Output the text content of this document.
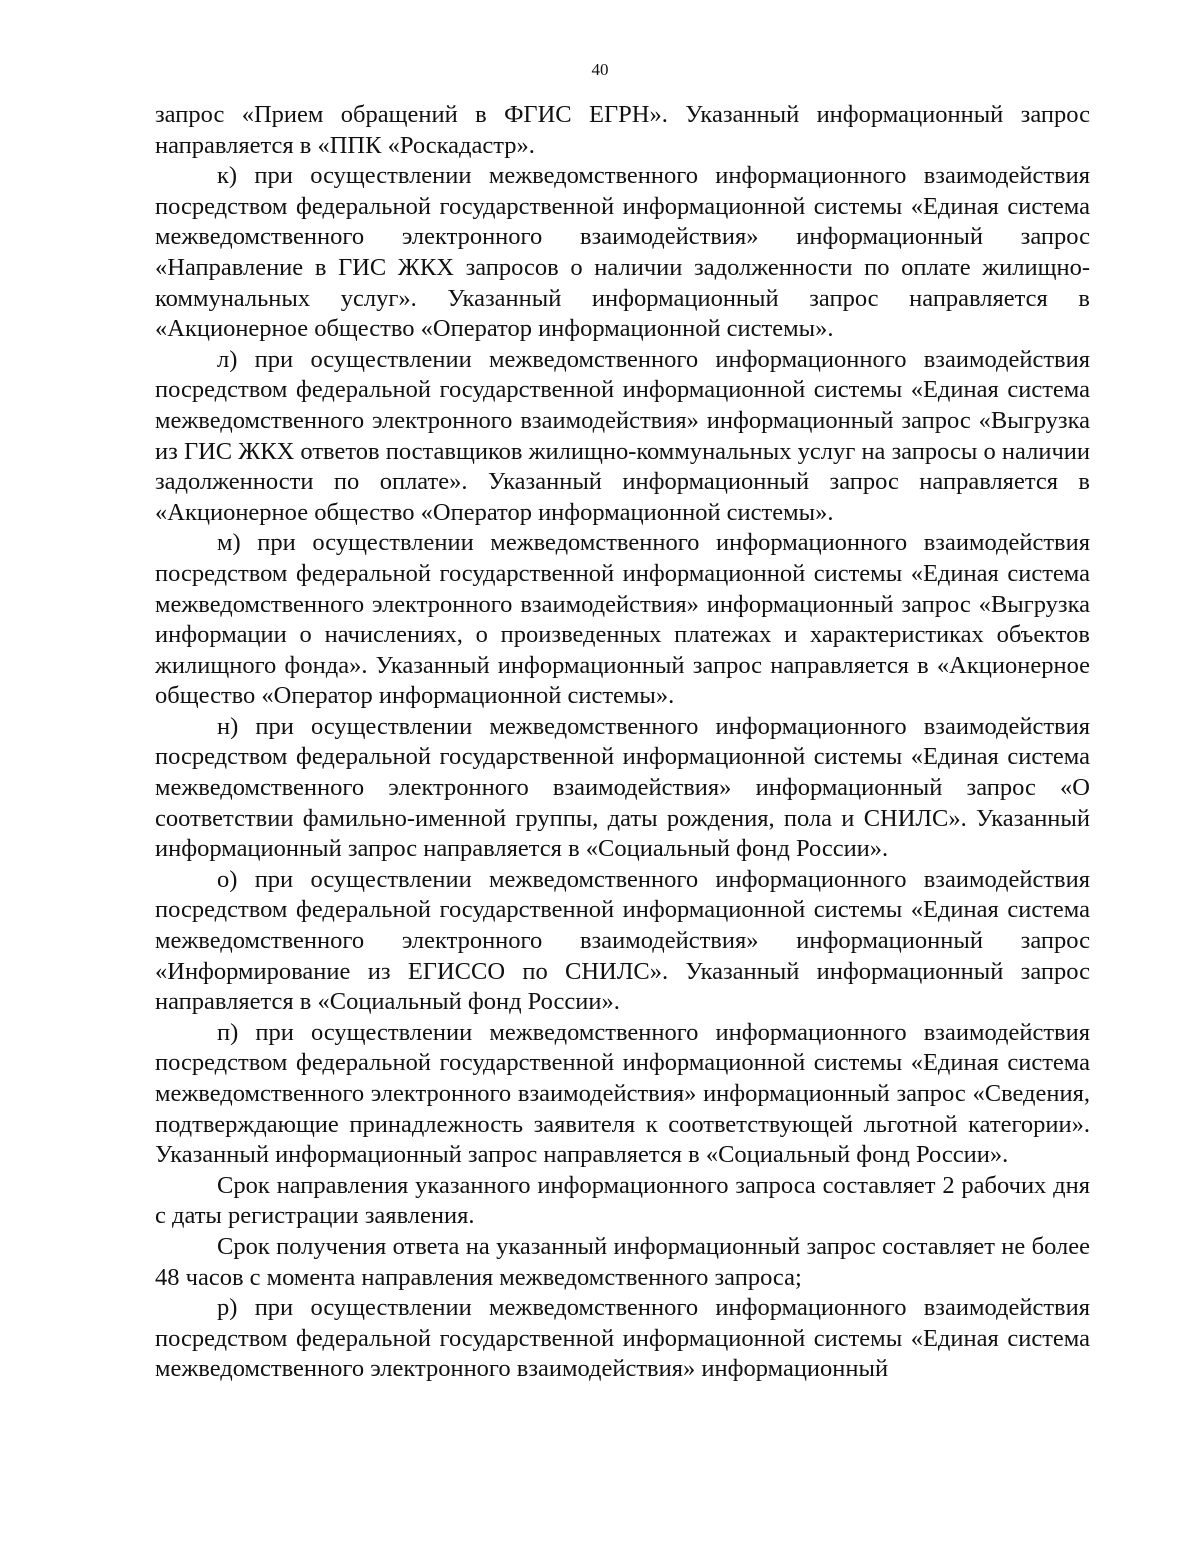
40

запрос «Прием обращений в ФГИС ЕГРН». Указанный информационный запрос направляется в «ППК «Роскадастр».

к) при осуществлении межведомственного информационного взаимодействия посредством федеральной государственной информационной системы «Единая система межведомственного электронного взаимодействия» информационный запрос «Направление в ГИС ЖКХ запросов о наличии задолженности по оплате жилищно-коммунальных услуг». Указанный информационный запрос направляется в «Акционерное общество «Оператор информационной системы».

л) при осуществлении межведомственного информационного взаимодействия посредством федеральной государственной информационной системы «Единая система межведомственного электронного взаимодействия» информационный запрос «Выгрузка из ГИС ЖКХ ответов поставщиков жилищно-коммунальных услуг на запросы о наличии задолженности по оплате». Указанный информационный запрос направляется в «Акционерное общество «Оператор информационной системы».

м) при осуществлении межведомственного информационного взаимодействия посредством федеральной государственной информационной системы «Единая система межведомственного электронного взаимодействия» информационный запрос «Выгрузка информации о начислениях, о произведенных платежах и характеристиках объектов жилищного фонда». Указанный информационный запрос направляется в «Акционерное общество «Оператор информационной системы».

н) при осуществлении межведомственного информационного взаимодействия посредством федеральной государственной информационной системы «Единая система межведомственного электронного взаимодействия» информационный запрос «О соответствии фамильно-именной группы, даты рождения, пола и СНИЛС». Указанный информационный запрос направляется в «Социальный фонд России».

о) при осуществлении межведомственного информационного взаимодействия посредством федеральной государственной информационной системы «Единая система межведомственного электронного взаимодействия» информационный запрос «Информирование из ЕГИССО по СНИЛС». Указанный информационный запрос направляется в «Социальный фонд России».

п) при осуществлении межведомственного информационного взаимодействия посредством федеральной государственной информационной системы «Единая система межведомственного электронного взаимодействия» информационный запрос «Сведения, подтверждающие принадлежность заявителя к соответствующей льготной категории». Указанный информационный запрос направляется в «Социальный фонд России».

Срок направления указанного информационного запроса составляет 2 рабочих дня с даты регистрации заявления.

Срок получения ответа на указанный информационный запрос составляет не более 48 часов с момента направления межведомственного запроса;

р) при осуществлении межведомственного информационного взаимодействия посредством федеральной государственной информационной системы «Единая система межведомственного электронного взаимодействия» информационный
